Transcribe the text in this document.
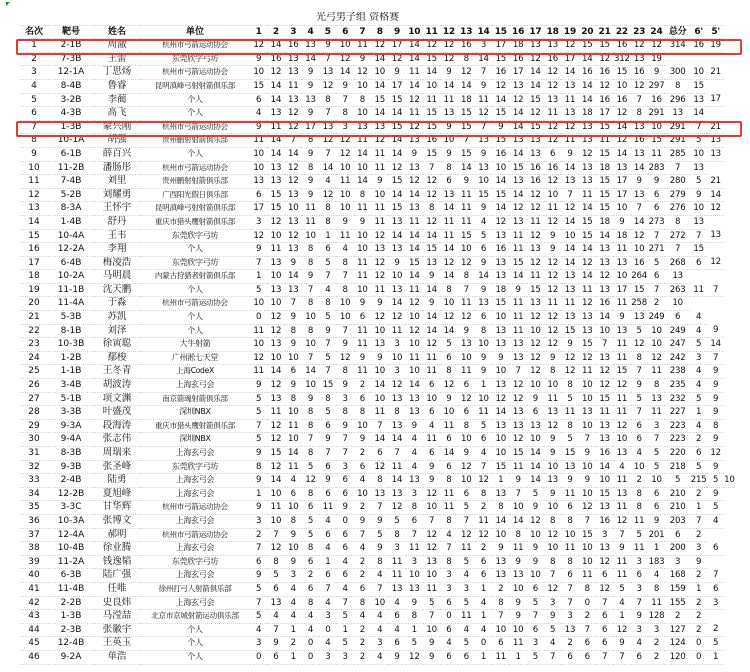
				光弓男子组 资格赛																											
名次	靶号	姓名	单位	1	2	3	4	5	6	7	8	9	10	11	12	13	14	15	16	17	18	19	20	21	22	23	24	总分	6'	5'	
1	2-1B	周澈	杭州市弓箭运动协会	12	14	16	13	9	10	11	12	17	14	12	12	16	3	17	18	13	13	12	15	15	16	12	12	314	16	19	
2	7-3B	王蕾	东莞欣字弓坊	9	16	13	14	7	12	9	14	12	14	15	12	8	14	15	16	12	16	17	14	12	312	13	19				
3	12-1A	丁思炀	杭州市弓箭运动协会	10	12	13	9	13	14	12	10	9	11	14	9	12	7	16	17	14	12	14	16	16	15	16	9	300	10	21	
4	8-4B	鲁睿	昆明滇峰弓射射箭俱乐部	15	14	11	9	12	9	10	14	17	14	10	14	14	9	12	13	14	12	13	14	12	10	12	297	8	15		
5	3-2B	李蔺	个人	6	14	13	13	8	7	8	15	15	12	11	11	18	11	14	12	15	13	11	14	16	16	7	16	296	13	17	
6	4-3B	高飞	个人	4	13	12	9	7	8	10	14	14	11	15	13	15	12	15	14	12	11	13	18	17	12	8	291	13	14		
7	1-3B	蒙兴刚	杭州市弓箭运动协会	9	11	12	17	13	3	13	13	15	12	15	9	15	7	9	14	15	12	12	13	15	14	13	10	291	7	21	
8	10-1A	胡强	贵州鹏射射箭俱乐部	11	14	7	8	12	12	11	12	14	13	16	10	7	13	15	13	13	12	11	13	11	12	16	15	291	5	13	
9	6-1B	薛百兴	个人	10	14	14	9	7	12	14	11	14	9	15	9	15	9	16	14	13	6	9	12	15	14	13	11	285	10	13	
10	11-2B	潘肠彤	杭州市弓箭运动协会	10	13	12	8	14	10	10	11	12	13	7	8	14	13	10	15	16	16	14	13	18	13	14	283	7	13		
11	7-4B	刘里	贵州鹏射射箭俱乐部	13	13	12	9	4	11	14	9	15	12	12	6	9	10	14	13	16	12	13	13	15	17	9	9	280	5	21	
12	5-2B	刘耀勇	广西阳光假日俱乐部	6	15	13	9	12	10	8	10	14	14	12	13	11	15	15	14	12	10	7	11	15	17	13	6	279	9	14	
13	8-3A	王怀宇	昆明滇峰弓射射箭俱乐部	17	15	10	11	8	10	11	11	15	13	8	14	11	9	14	12	12	11	12	14	15	10	7	6	276	10	12	
14	1-4B	舒丹	重庆市猎头鹰射箭俱乐部	3	12	13	11	8	9	9	11	13	11	12	11	11	4	12	13	11	12	14	15	18	9	14	273	8	13		
15	10-4A	王韦	东莞欣字弓坊	12	10	12	10	1	11	10	12	14	14	14	11	15	5	13	11	12	9	10	15	14	18	12	7	272	7	13	
16	12-2A	李翔	个人	9	11	13	8	6	4	10	13	13	14	15	14	10	6	16	11	13	9	14	14	13	11	10	271	7	15		
17	6-4B	梅凌浩	东莞欣字弓坊	7	13	9	8	5	8	11	12	9	15	13	12	12	9	13	15	12	12	14	12	13	13	16	5	268	6	12	
18	10-2A	马明晨	内蒙古狩猎者射箭俱乐部	1	10	14	9	7	7	11	12	10	14	9	14	8	14	13	14	11	12	13	14	12	10	264	6	13			
19	11-1B	沈天鹏	个人	5	13	13	7	4	8	10	11	13	11	14	8	7	9	18	9	15	12	13	11	13	17	15	7	263	11	7	
20	11-4A	于淼	杭州市弓箭运动协会	10	10	7	8	8	10	9	9	14	12	9	10	11	13	15	11	13	11	11	12	16	11	258	2	10			
21	5-3B	苏凯	个人	0	12	9	10	5	10	6	12	12	10	14	12	12	6	10	11	12	12	13	13	14	9	13	249	6	4		
22	8-1B	刘泽	个人	11	12	8	8	9	7	11	10	11	12	14	14	9	8	13	11	10	12	15	13	10	13	5	10	249	4	9	
23	10-3B	徐寅聪	大牛射箭	10	13	9	10	7	9	11	13	3	10	12	5	13	10	13	13	12	12	9	15	7	11	12	10	247	5	14	
24	1-2B	鄢梭	广州淞七天堂	12	10	10	7	5	12	9	9	10	11	11	6	10	9	9	13	12	9	12	12	13	11	8	12	242	3	7	
25	1-1B	王冬青	上海CodeX	11	14	6	14	7	8	11	10	3	10	11	8	11	9	10	7	12	8	12	11	12	15	7	11	238	4	9	
26	3-4B	胡波涛	上海玄弓会	9	12	9	10	15	9	2	14	12	14	6	12	6	1	13	12	10	10	8	10	12	12	9	8	235	4	9	
27	5-1B	项文渊	南京箭魂射箭俱乐部	5	13	8	9	8	3	6	10	13	13	10	9	12	10	12	12	9	11	5	10	15	11	5	13	232	5	9	
28	3-3B	叶盛茂	深圳NBX	5	11	10	8	5	8	8	11	8	13	6	10	6	11	14	13	6	13	11	13	11	11	7	11	227	1	9	
29	9-3A	段海涛	重庆市猎头鹰射箭俱乐部	7	12	11	8	6	9	10	7	13	9	4	11	8	5	13	13	13	12	8	10	13	12	6	3	223	4	8	
30	9-4A	张志伟	深圳NBX	5	12	10	7	9	7	9	14	14	4	11	6	10	6	10	12	10	9	5	7	13	10	6	7	223	2	9	
31	8-3B	周瑞来	上海玄弓会	9	15	14	8	7	7	2	6	7	4	6	14	9	4	10	15	14	9	15	9	16	13	4	5	220	6	12	
32	9-3B	张圣峰	东莞欣字弓坊	8	12	11	5	6	3	6	12	11	4	9	6	12	7	15	11	14	10	13	10	14	4	10	5	218	5	9	
33	2-4B	陆勇	上海玄弓会	9	14	4	12	9	6	4	8	14	13	9	8	10	12	1	9	14	13	9	9	10	11	2	10	5	215	5	10
34	12-2B	夏旭峰	上海玄弓会	1	10	6	8	6	6	10	13	13	3	12	11	6	8	13	7	5	9	11	10	15	13	8	6	210	2	9	
35	3-3C	甘华辉	杭州市弓箭运动协会	9	11	10	6	11	9	2	7	12	8	10	11	5	2	8	10	9	10	6	12	13	11	8	6	210	1	5	
36	10-3A	张博文	上海玄弓会	3	10	8	5	4	0	9	9	5	6	7	8	7	11	14	14	12	8	8	7	16	12	11	9	203	7	4	
37	12-4A	郝明	杭州市弓箭运动协会	2	7	9	5	6	6	7	5	8	7	12	4	12	12	10	8	10	12	10	15	3	7	5	201	6	2		
38	10-4B	徐业腾	上海玄弓会	7	12	10	8	4	6	4	9	3	11	12	7	11	2	9	11	9	10	11	10	13	9	11	1	200	3	6	
39	11-2A	钱逸韬	东莞欣字弓坊	6	8	9	6	1	4	2	8	11	3	13	8	5	6	13	9	9	8	8	10	12	11	3	183	3	9		
40	6-3B	陆广强	上海玄弓会	9	5	3	2	6	6	2	4	11	10	10	3	4	6	13	13	10	7	6	11	6	11	6	4	168	2	7	
41	11-4B	任唯	徐州打弓人射箭俱乐部	5	6	4	6	7	4	6	7	13	13	11	3	3	1	2	10	6	12	7	8	12	5	3	8	159	1	6	
42	2-2B	史良炜	上海玄弓会	7	13	4	8	4	7	8	10	4	9	5	6	5	4	8	9	5	3	7	0	7	4	7	11	155	2	3	
43	1-3B	马滢喆	北京市京城射箭运动俱乐部	5	4	4	4	3	5	4	4	6	8	7	0	11	1	7	9	7	9	3	2	6	1	9	128	2	2		
44	2-3B	张徽宇	个人	4	7	1	4	0	1	2	4	4	1	10	6	4	4	10	10	6	5	13	7	6	12	3	3	127	2	2	
45	12-4B	王英玉	个人	3	9	2	0	4	5	2	3	6	5	9	4	5	0	6	11	3	4	2	6	6	9	4	2	124	0	5	
46	9-2A	单浩	个人	0	6	1	0	3	3	2	4	9	12	9	6	6	1	11	1	5	7	6	6	7	7	6	2	120	0	1	
